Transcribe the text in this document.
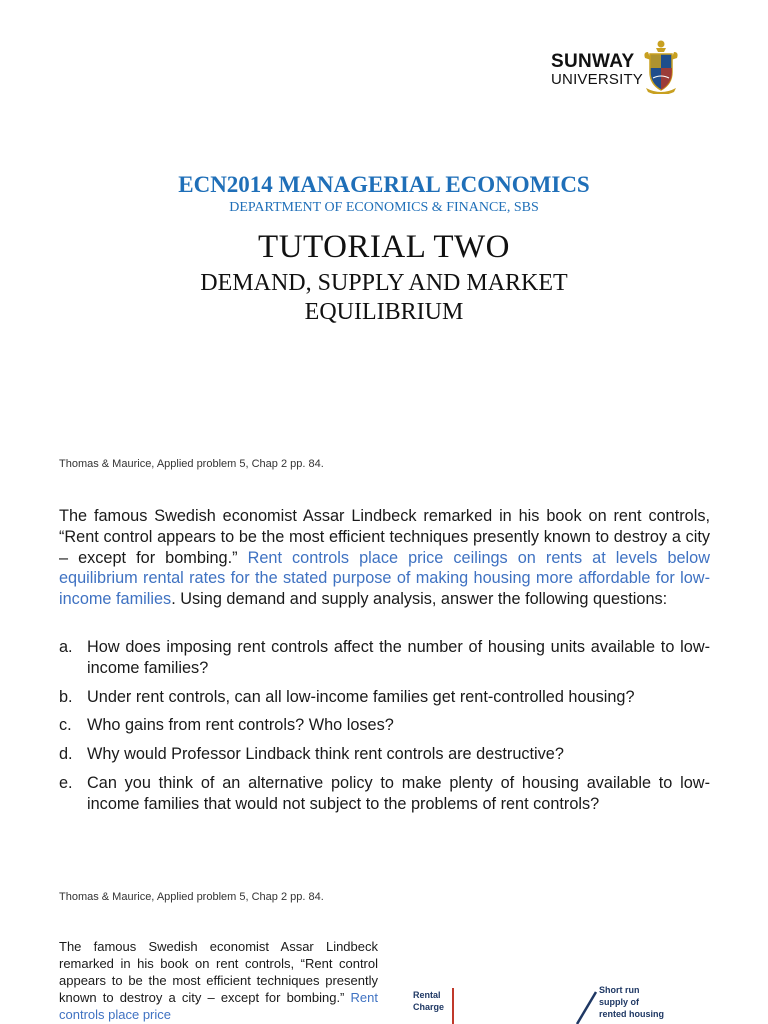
SUNWAY
UNIVERSITY
ECN2014 MANAGERIAL ECONOMICS
DEPARTMENT OF ECONOMICS & FINANCE, SBS
TUTORIAL TWO
DEMAND, SUPPLY AND MARKET
EQUILIBRIUM
Thomas & Maurice, Applied problem 5, Chap 2 pp. 84.
The famous Swedish economist Assar Lindbeck remarked in his book on rent controls, “Rent control appears to be the most efficient techniques presently known to destroy a city – except for bombing.” Rent controls place price ceilings on rents at levels below equilibrium rental rates for the stated purpose of making housing more affordable for low-income families. Using demand and supply analysis, answer the following questions:
a. How does imposing rent controls affect the number of housing units available to low-income families?
b. Under rent controls, can all low-income families get rent-controlled housing?
c. Who gains from rent controls? Who loses?
d. Why would Professor Lindback think rent controls are destructive?
e. Can you think of an alternative policy to make plenty of housing available to low-income families that would not subject to the problems of rent controls?
Thomas & Maurice, Applied problem 5, Chap 2 pp. 84.
The famous Swedish economist Assar Lindbeck remarked in his book on rent controls, “Rent control appears to be the most efficient techniques presently known to destroy a city – except for bombing.” Rent controls place price
Rental
Charge
Short run
supply of
rented housing
